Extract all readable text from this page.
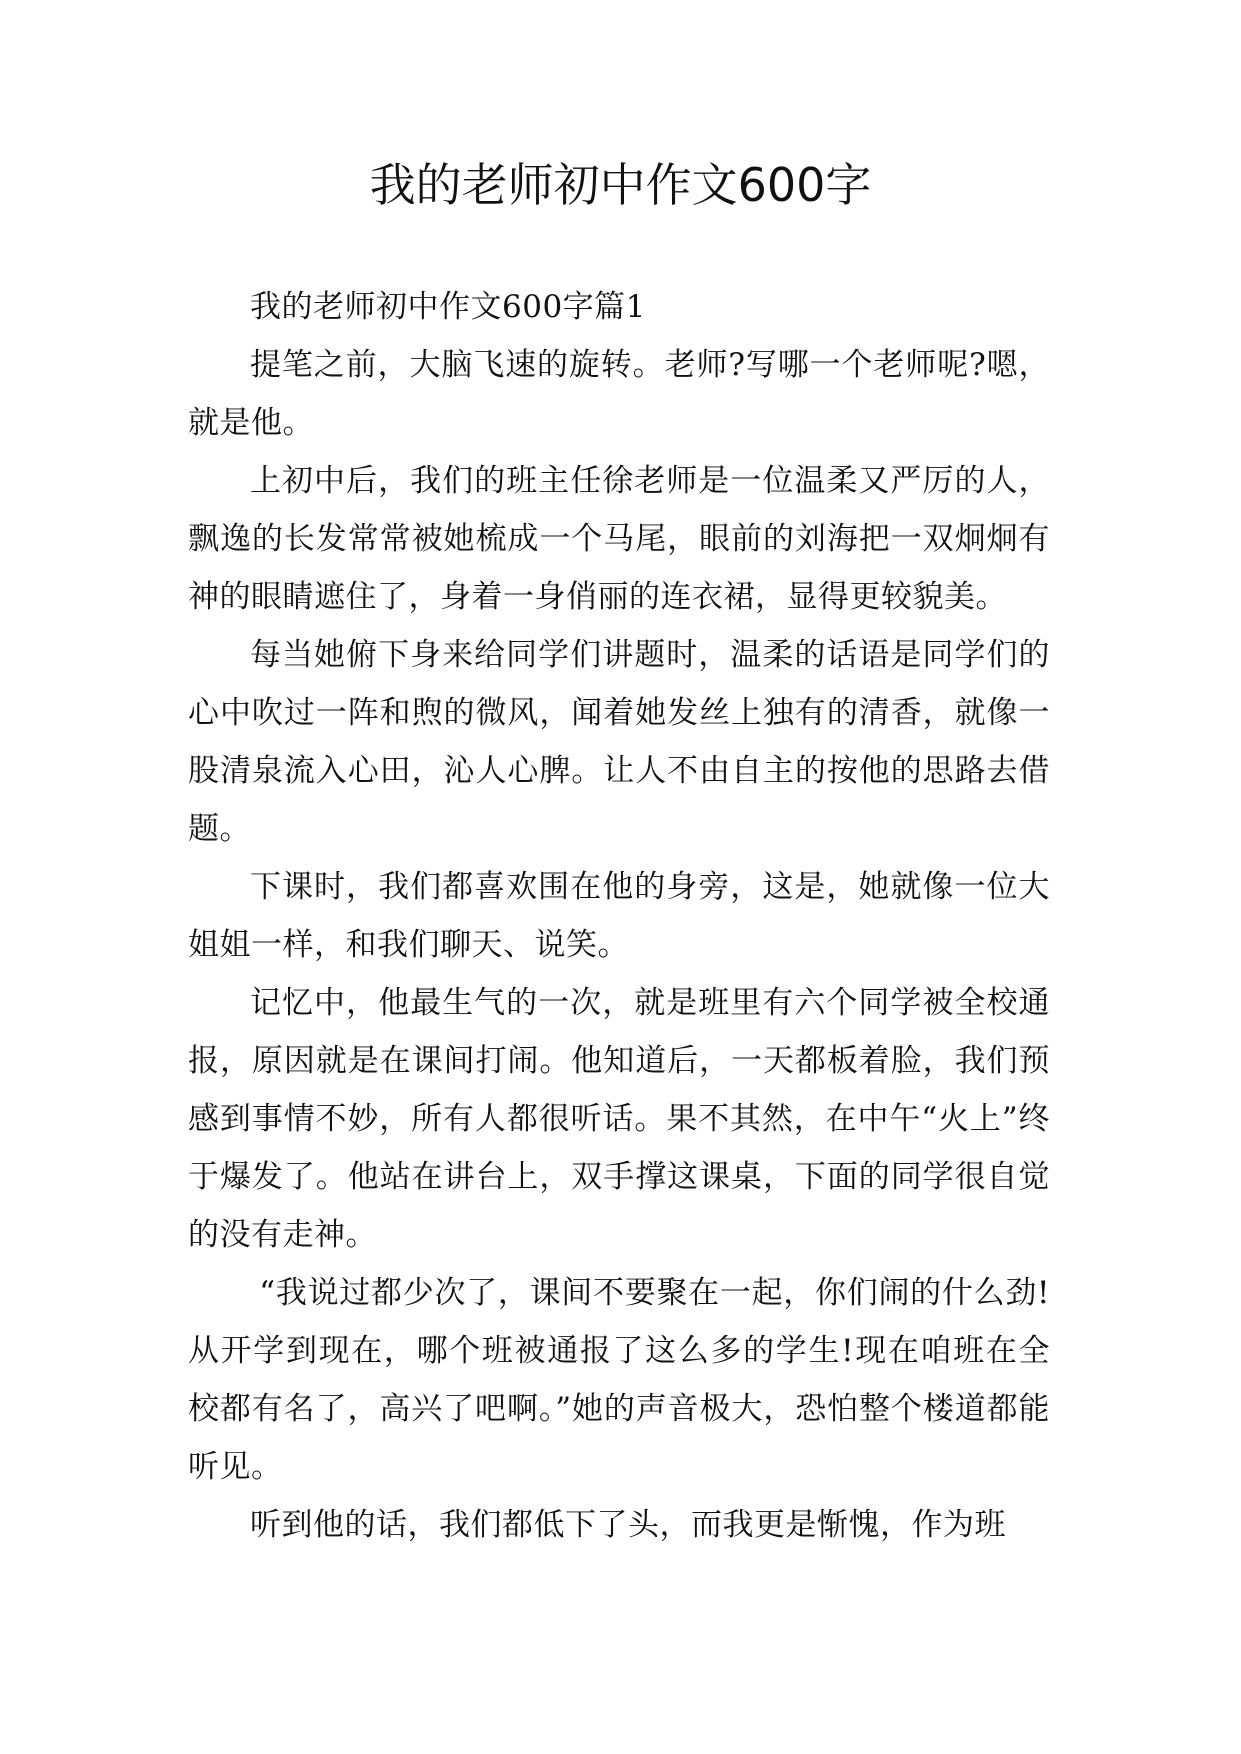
我的老师初中作文600字

我的老师初中作文600字篇1

提笔之前，大脑飞速的旋转。老师?写哪一个老师呢?嗯，就是他。

上初中后，我们的班主任徐老师是一位温柔又严厉的人，飘逸的长发常常被她梳成一个马尾，眼前的刘海把一双炯炯有神的眼睛遮住了，身着一身俏丽的连衣裙，显得更较貌美。

每当她俯下身来给同学们讲题时，温柔的话语是同学们的心中吹过一阵和煦的微风，闻着她发丝上独有的清香，就像一股清泉流入心田，沁人心脾。让人不由自主的按他的思路去借题。

下课时，我们都喜欢围在他的身旁，这是，她就像一位大姐姐一样，和我们聊天、说笑。

记忆中，他最生气的一次，就是班里有六个同学被全校通报，原因就是在课间打闹。他知道后，一天都板着脸，我们预感到事情不妙，所有人都很听话。果不其然，在中午“火上”终于爆发了。他站在讲台上，双手撑这课桌，下面的同学很自觉的没有走神。

“我说过都少次了，课间不要聚在一起，你们闹的什么劲!从开学到现在，哪个班被通报了这么多的学生!现在咱班在全校都有名了，高兴了吧啊。”她的声音极大，恐怕整个楼道都能听见。

听到他的话，我们都低下了头，而我更是惭愧，作为班
